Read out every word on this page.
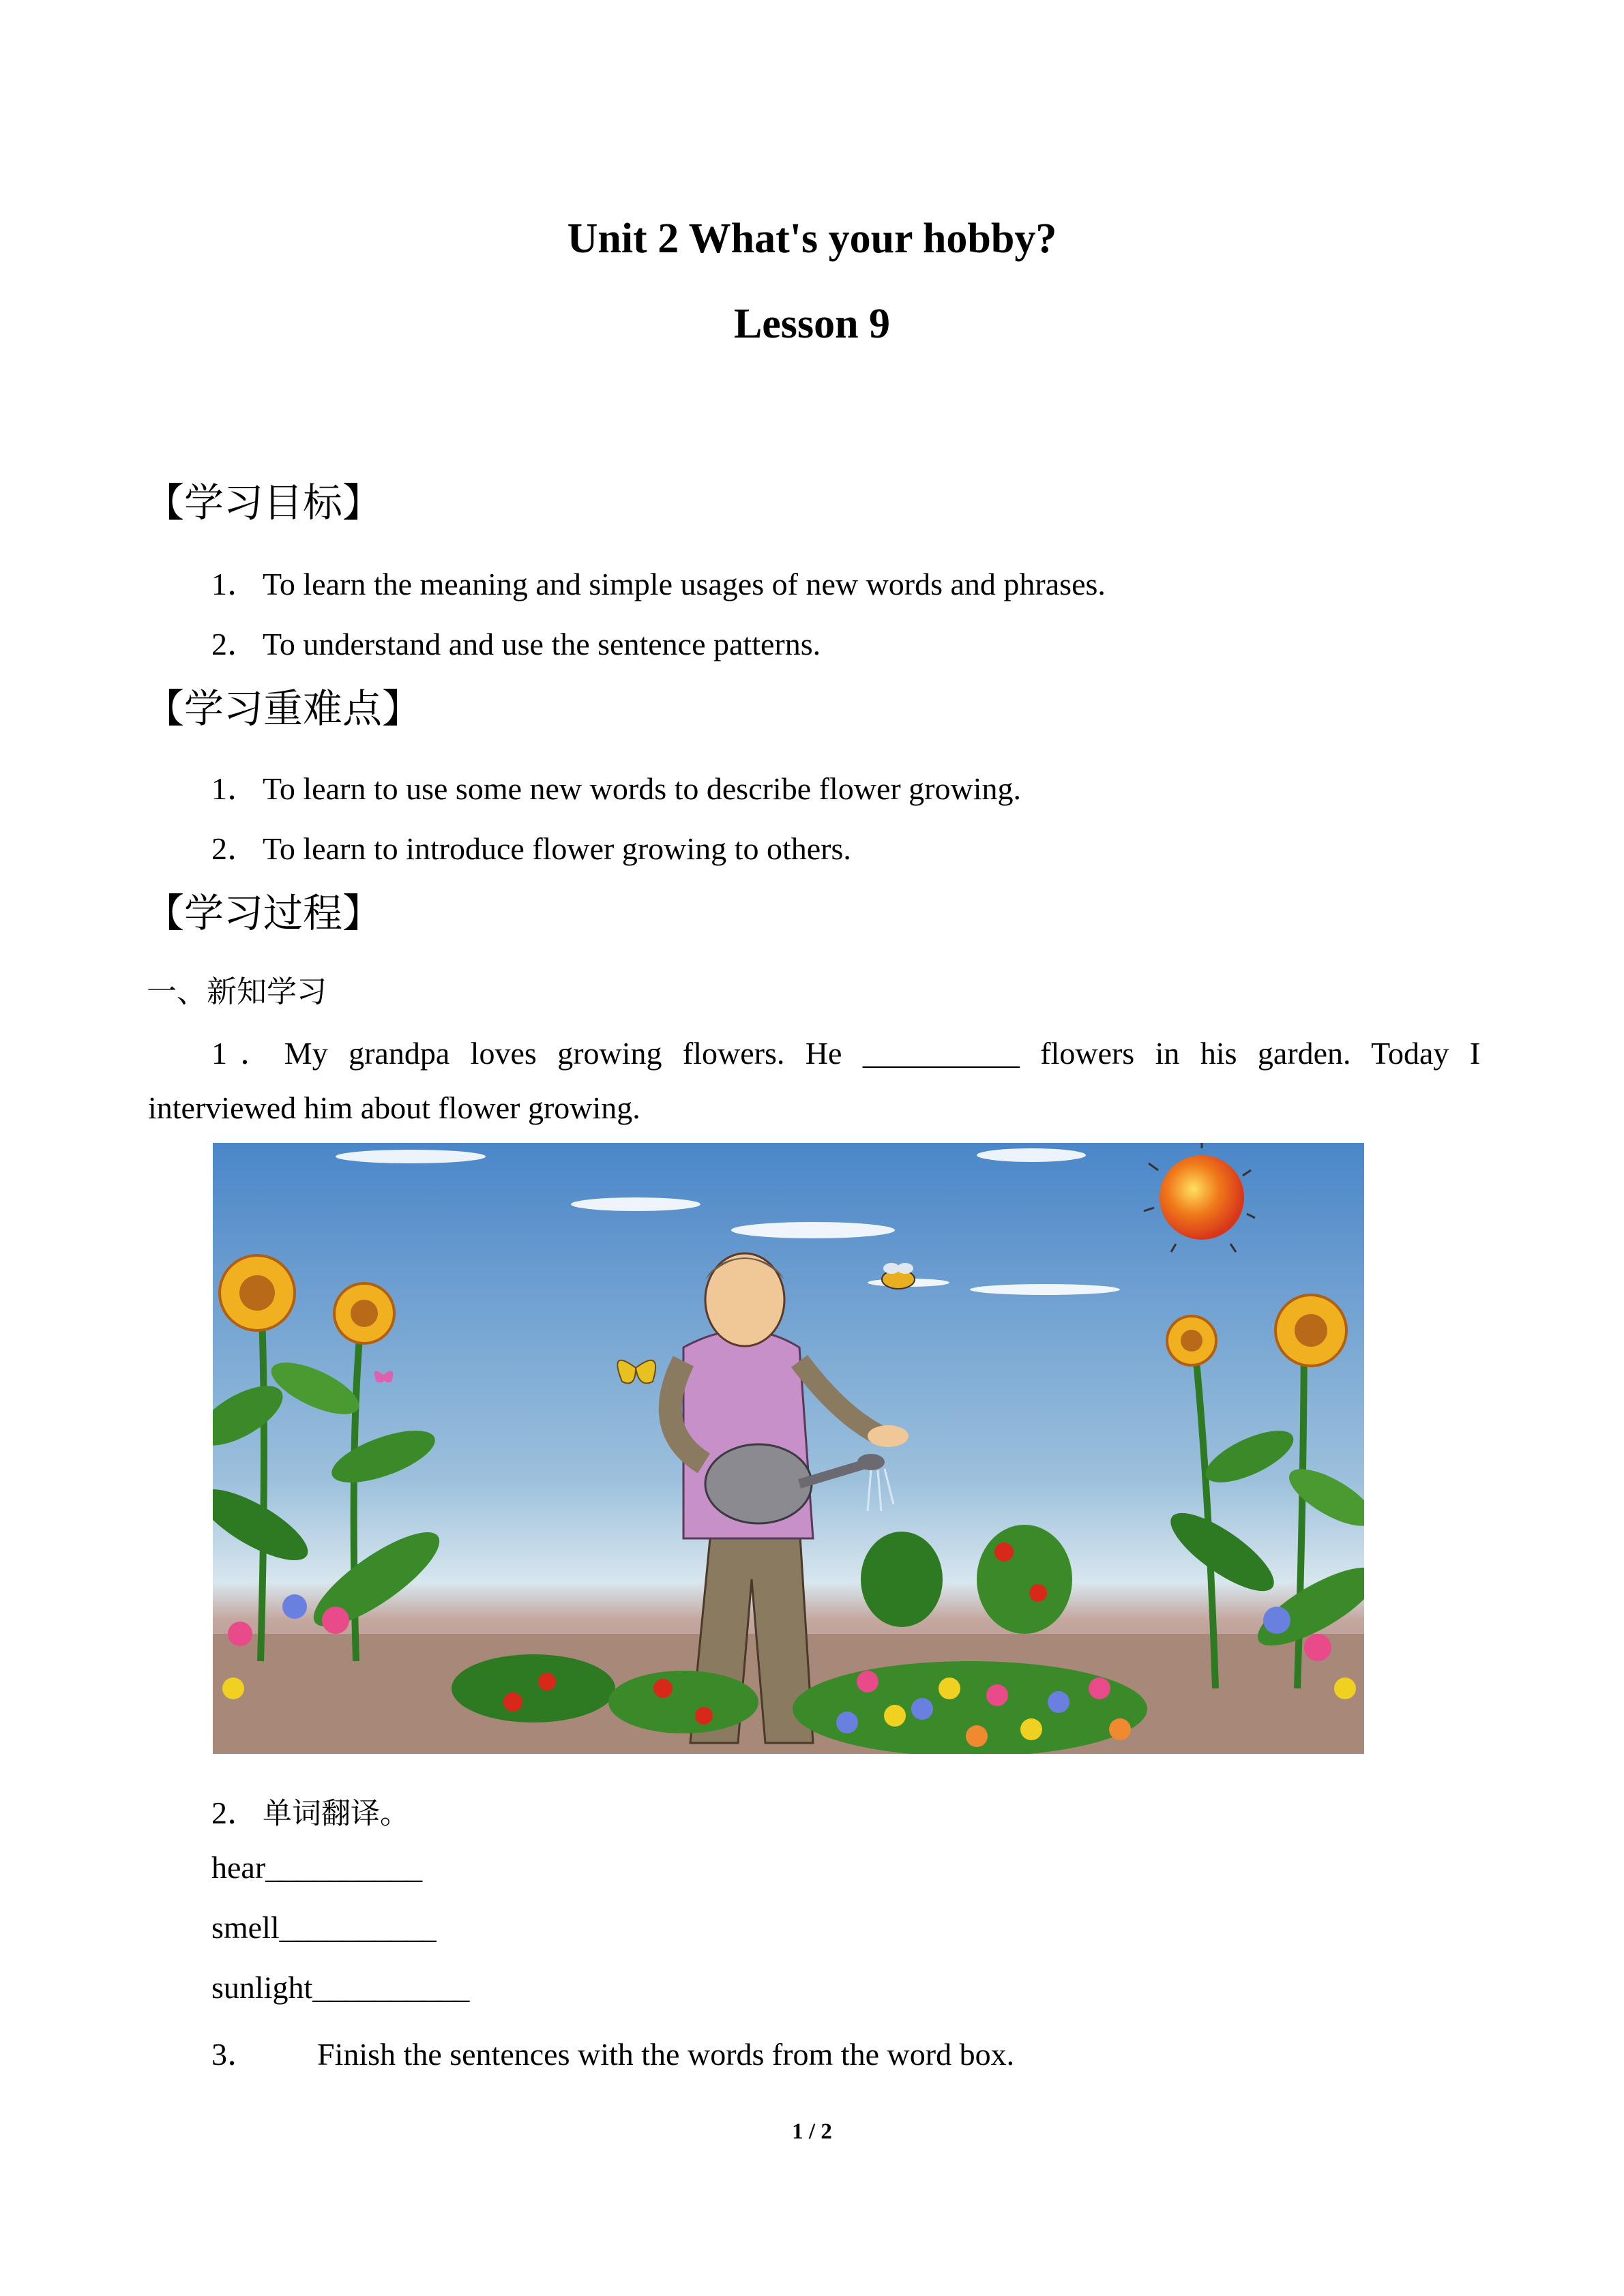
Unit 2 What's your hobby?
Lesson 9
【学习目标】
1． To learn the meaning and simple usages of new words and phrases.
2． To understand and use the sentence patterns.
【学习重难点】
1． To learn to use some new words to describe flower growing.
2． To learn to introduce flower growing to others.
【学习过程】
一、新知学习
1．My grandpa loves growing flowers. He __________ flowers in his garden. Today I
interviewed him about flower growing.
2． 单词翻译。
hear__________
smell__________
sunlight__________
3． Finish the sentences with the words from the word box.
1 / 2
